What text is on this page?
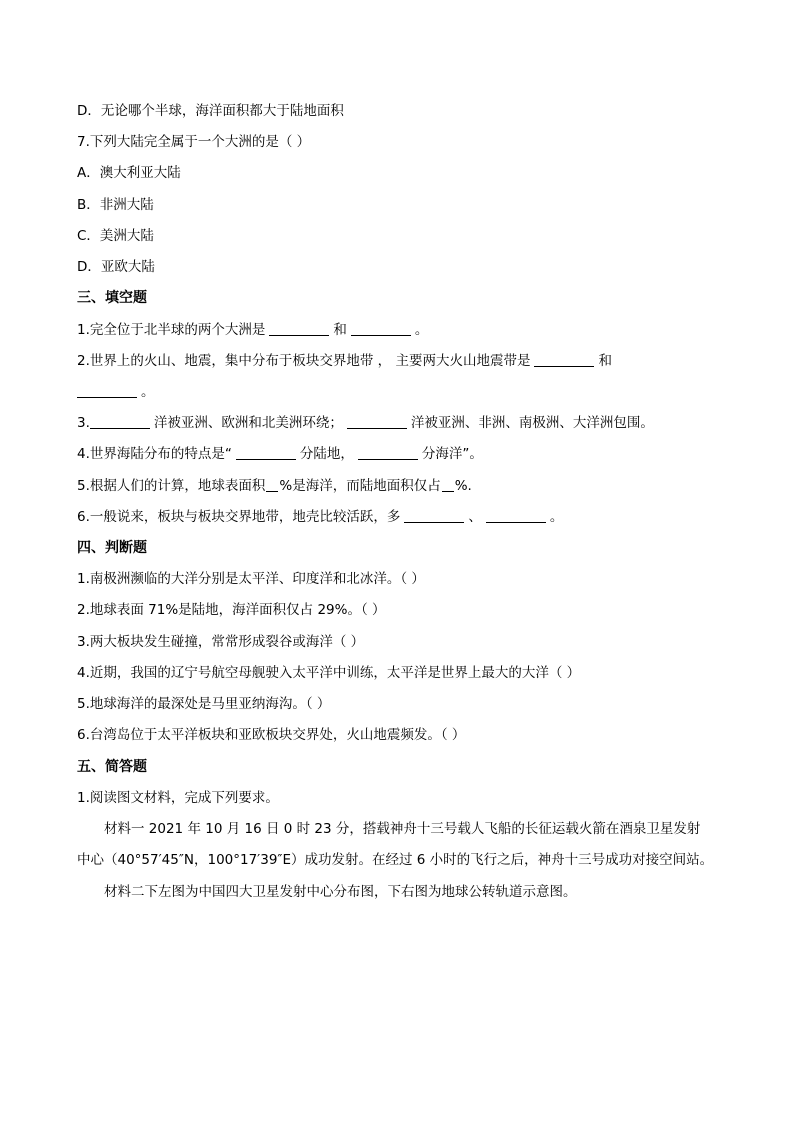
D．无论哪个半球，海洋面积都大于陆地面积
7.下列大陆完全属于一个大洲的是（ ）
A．澳大利亚大陆
B．非洲大陆
C．美洲大陆
D．亚欧大陆
三、填空题
1.完全位于北半球的两个大洲是	和	。
2.世界上的火山、地震，集中分布于板块交界地带 ， 主要两大火山地震带是	和
。
3.	洋被亚洲、欧洲和北美洲环绕；	洋被亚洲、非洲、南极洲、大洋洲包围。
4.世界海陆分布的特点是“	分陆地，	分海洋”。
5.根据人们的计算，地球表面积 %是海洋，而陆地面积仅占 %.
6.一般说来，板块与板块交界地带，地壳比较活跃，多	、	。
四、判断题
1.南极洲濒临的大洋分别是太平洋、印度洋和北冰洋。（ ）
2.地球表面 71%是陆地，海洋面积仅占 29%。（ ）
3.两大板块发生碰撞，常常形成裂谷或海洋（ ）
4.近期，我国的辽宁号航空母舰驶入太平洋中训练，太平洋是世界上最大的大洋（ ）
5.地球海洋的最深处是马里亚纳海沟。（ ）
6.台湾岛位于太平洋板块和亚欧板块交界处，火山地震频发。（ ）
五、简答题
1.阅读图文材料，完成下列要求。
材料一 2021 年 10 月 16 日 0 时 23 分，搭载神舟十三号载人飞船的长征运载火箭在酒泉卫星发射
中心（40°57′45″N，100°17′39″E）成功发射。在经过 6 小时的飞行之后，神舟十三号成功对接空间站。
材料二下左图为中国四大卫星发射中心分布图，下右图为地球公转轨道示意图。
